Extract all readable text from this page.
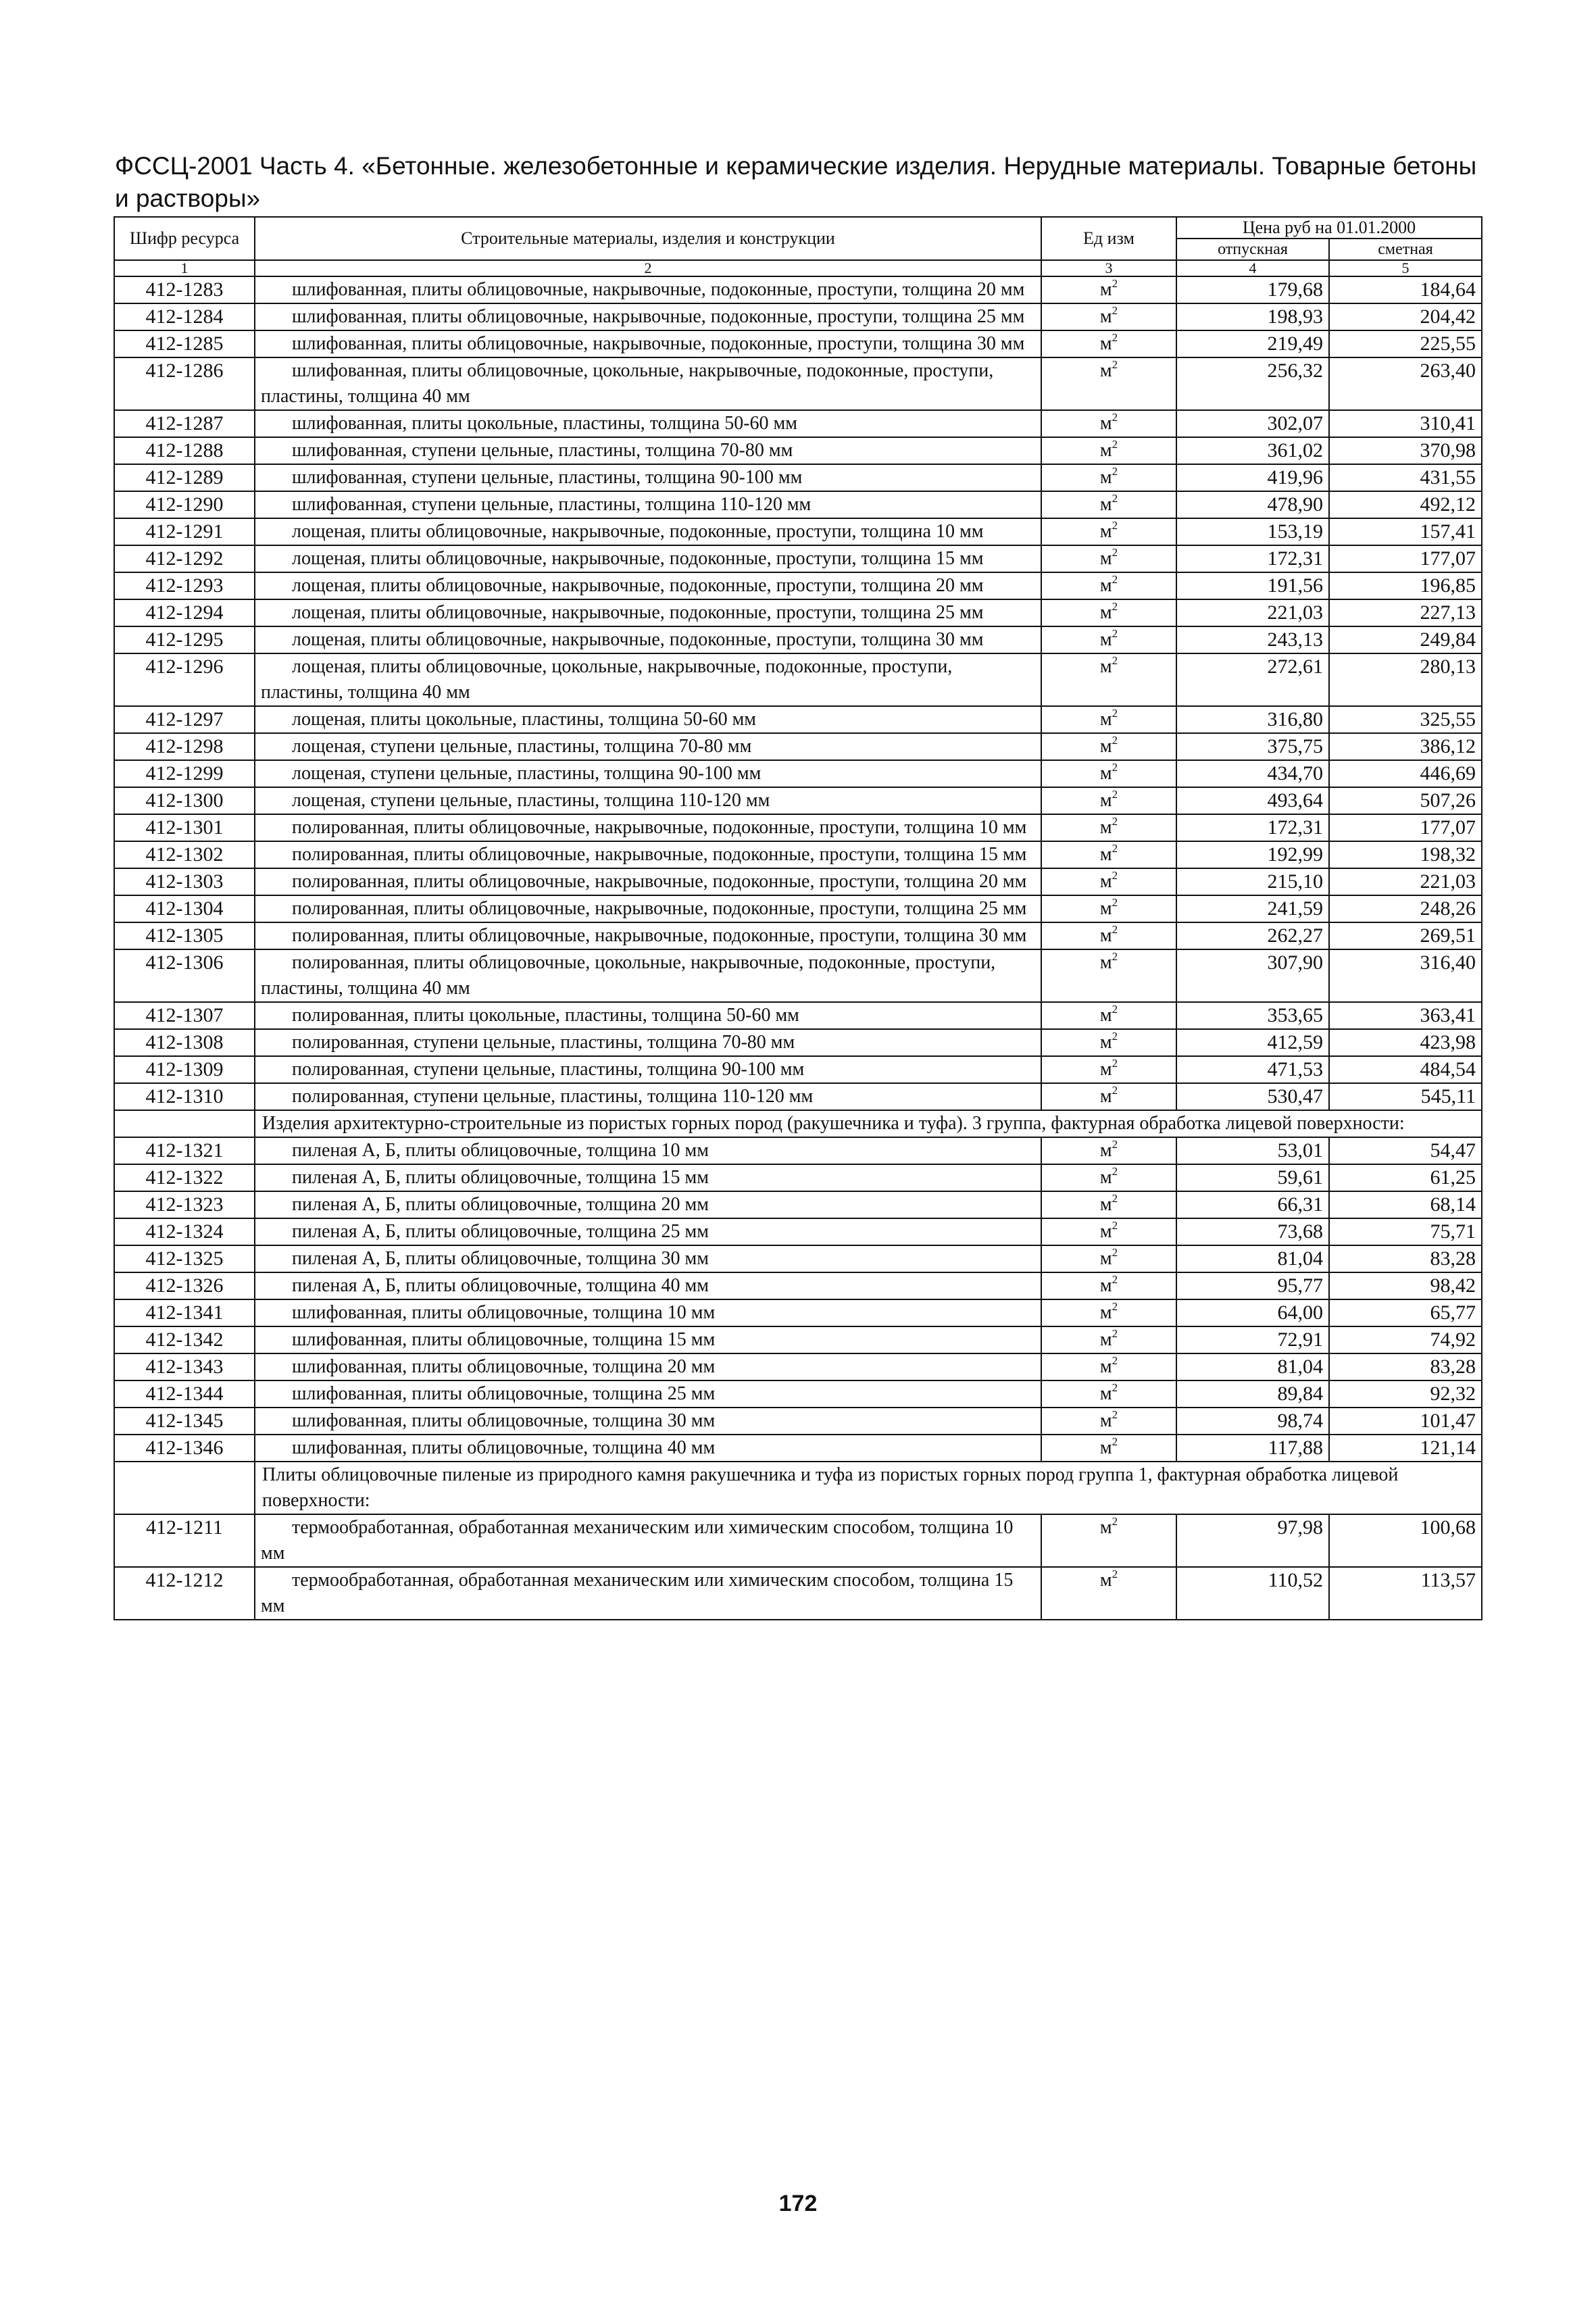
ФССЦ-2001 Часть 4. «Бетонные. железобетонные и керамические изделия. Нерудные материалы. Товарные бетоны и растворы»
Шифр ресурса	Строительные материалы, изделия и конструкции	Ед изм	Цена руб на 01.01.2000	
			отпускная	сметная
1	2	3	4	5
412-1283	шлифованная, плиты облицовочные, накрывочные, подоконные, проступи, толщина 20 мм	$м^2$	179,68	184,64
412-1284	шлифованная, плиты облицовочные, накрывочные, подоконные, проступи, толщина 25 мм	$м^2$	198,93	204,42
412-1285	шлифованная, плиты облицовочные, накрывочные, подоконные, проступи, толщина 30 мм	$м^2$	219,49	225,55
412-1286	шлифованная, плиты облицовочные, цокольные, накрывочные, подоконные, проступи, пластины, толщина 40 мм	$м^2$	256,32	263,40
412-1287	шлифованная, плиты цокольные, пластины, толщина 50-60 мм	$м^2$	302,07	310,41
412-1288	шлифованная, ступени цельные, пластины, толщина 70-80 мм	$м^2$	361,02	370,98
412-1289	шлифованная, ступени цельные, пластины, толщина 90-100 мм	$м^2$	419,96	431,55
412-1290	шлифованная, ступени цельные, пластины, толщина 110-120 мм	$м^2$	478,90	492,12
412-1291	лощеная, плиты облицовочные, накрывочные, подоконные, проступи, толщина 10 мм	$м^2$	153,19	157,41
412-1292	лощеная, плиты облицовочные, накрывочные, подоконные, проступи, толщина 15 мм	$м^2$	172,31	177,07
412-1293	лощеная, плиты облицовочные, накрывочные, подоконные, проступи, толщина 20 мм	$м^2$	191,56	196,85
412-1294	лощеная, плиты облицовочные, накрывочные, подоконные, проступи, толщина 25 мм	$м^2$	221,03	227,13
412-1295	лощеная, плиты облицовочные, накрывочные, подоконные, проступи, толщина 30 мм	$м^2$	243,13	249,84
412-1296	лощеная, плиты облицовочные, цокольные, накрывочные, подоконные, проступи, пластины, толщина 40 мм	$м^2$	272,61	280,13
412-1297	лощеная, плиты цокольные, пластины, толщина 50-60 мм	$м^2$	316,80	325,55
412-1298	лощеная, ступени цельные, пластины, толщина 70-80 мм	$м^2$	375,75	386,12
412-1299	лощеная, ступени цельные, пластины, толщина 90-100 мм	$м^2$	434,70	446,69
412-1300	лощеная, ступени цельные, пластины, толщина 110-120 мм	$м^2$	493,64	507,26
412-1301	полированная, плиты облицовочные, накрывочные, подоконные, проступи, толщина 10 мм	$м^2$	172,31	177,07
412-1302	полированная, плиты облицовочные, накрывочные, подоконные, проступи, толщина 15 мм	$м^2$	192,99	198,32
412-1303	полированная, плиты облицовочные, накрывочные, подоконные, проступи, толщина 20 мм	$м^2$	215,10	221,03
412-1304	полированная, плиты облицовочные, накрывочные, подоконные, проступи, толщина 25 мм	$м^2$	241,59	248,26
412-1305	полированная, плиты облицовочные, накрывочные, подоконные, проступи, толщина 30 мм	$м^2$	262,27	269,51
412-1306	полированная, плиты облицовочные, цокольные, накрывочные, подоконные, проступи, пластины, толщина 40 мм	$м^2$	307,90	316,40
412-1307	полированная, плиты цокольные, пластины, толщина 50-60 мм	$м^2$	353,65	363,41
412-1308	полированная, ступени цельные, пластины, толщина 70-80 мм	$м^2$	412,59	423,98
412-1309	полированная, ступени цельные, пластины, толщина 90-100 мм	$м^2$	471,53	484,54
412-1310	полированная, ступени цельные, пластины, толщина 110-120 мм	$м^2$	530,47	545,11
	Изделия архитектурно-строительные из пористых горных пород (ракушечника и туфа). 3 группа, фактурная обработка лицевой поверхности:			
412-1321	пиленая А, Б, плиты облицовочные, толщина 10 мм	$м^2$	53,01	54,47
412-1322	пиленая А, Б, плиты облицовочные, толщина 15 мм	$м^2$	59,61	61,25
412-1323	пиленая А, Б, плиты облицовочные, толщина 20 мм	$м^2$	66,31	68,14
412-1324	пиленая А, Б, плиты облицовочные, толщина 25 мм	$м^2$	73,68	75,71
412-1325	пиленая А, Б, плиты облицовочные, толщина 30 мм	$м^2$	81,04	83,28
412-1326	пиленая А, Б, плиты облицовочные, толщина 40 мм	$м^2$	95,77	98,42
412-1341	шлифованная, плиты облицовочные, толщина 10 мм	$м^2$	64,00	65,77
412-1342	шлифованная, плиты облицовочные, толщина 15 мм	$м^2$	72,91	74,92
412-1343	шлифованная, плиты облицовочные, толщина 20 мм	$м^2$	81,04	83,28
412-1344	шлифованная, плиты облицовочные, толщина 25 мм	$м^2$	89,84	92,32
412-1345	шлифованная, плиты облицовочные, толщина 30 мм	$м^2$	98,74	101,47
412-1346	шлифованная, плиты облицовочные, толщина 40 мм	$м^2$	117,88	121,14
	Плиты облицовочные пиленые из природного камня ракушечника и туфа из пористых горных пород группа 1, фактурная обработка лицевой поверхности:			
412-1211	термообработанная, обработанная механическим или химическим способом, толщина 10 мм	$м^2$	97,98	100,68
412-1212	термообработанная, обработанная механическим или химическим способом, толщина 15 мм	$м^2$	110,52	113,57
172
